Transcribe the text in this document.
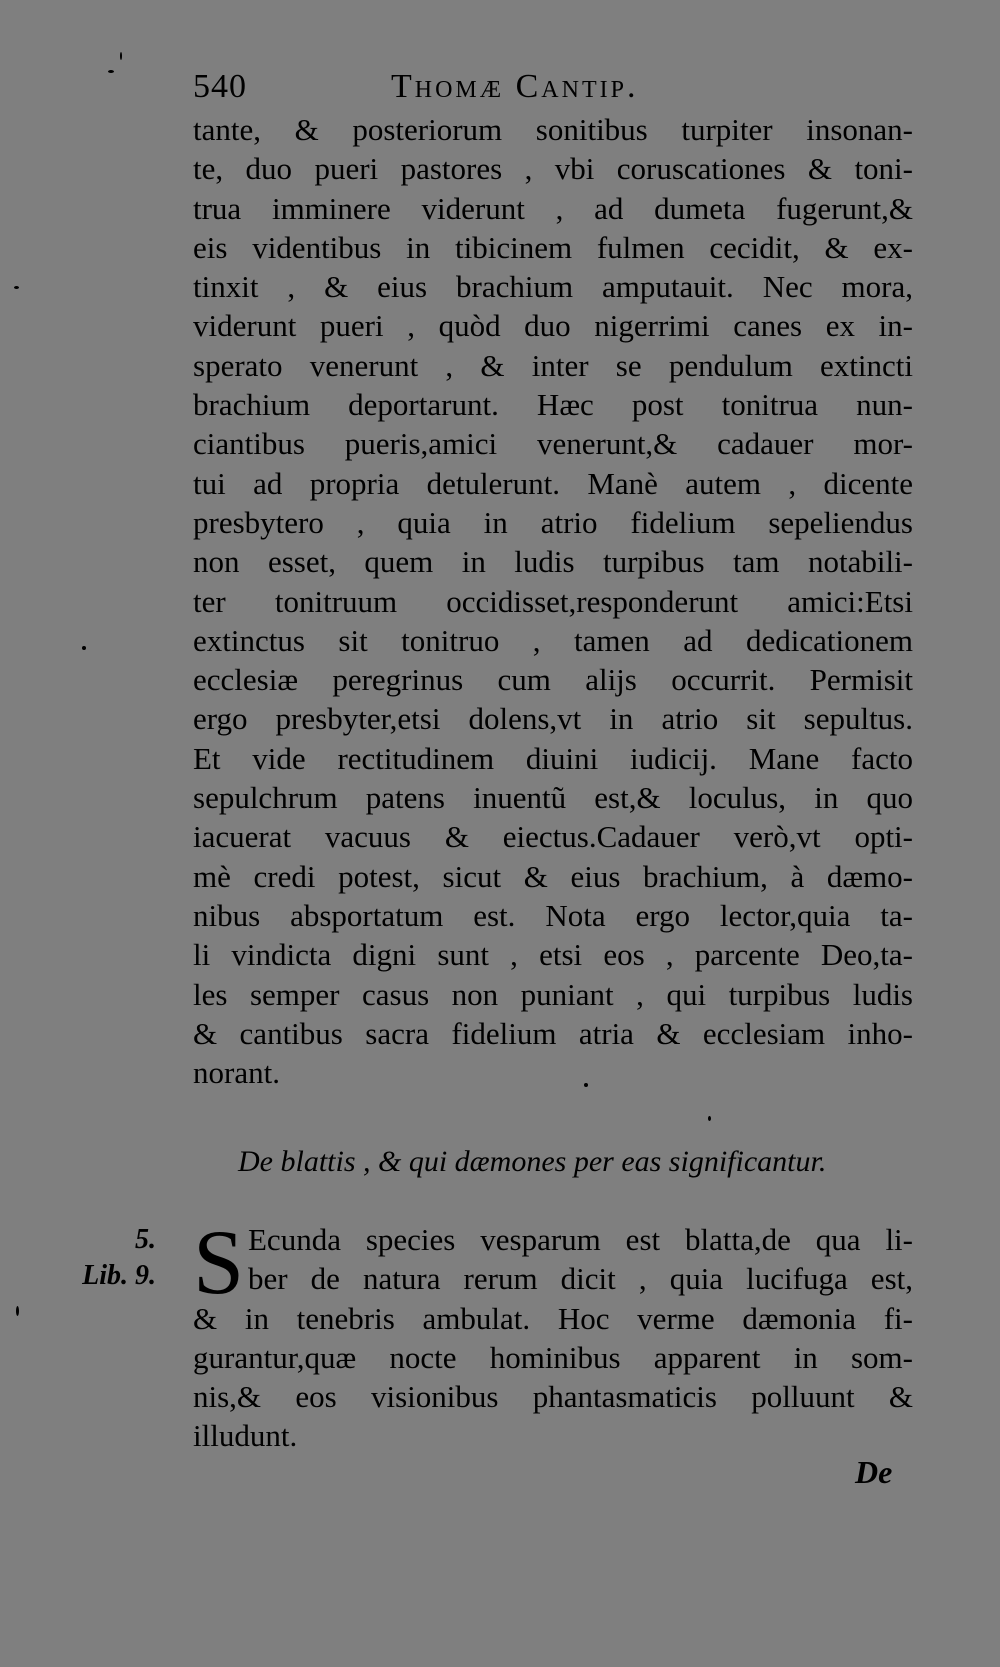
540	Thomæ Cantip.
tante, & posteriorum sonitibus turpiter insonan-
te, duo pueri pastores , vbi coruscationes & toni-
trua imminere viderunt , ad dumeta fugerunt,&
eis videntibus in tibicinem fulmen cecidit, & ex-
tinxit , & eius brachium amputauit. Nec mora,
viderunt pueri , quòd duo nigerrimi canes ex in-
sperato venerunt , & inter se pendulum extincti
brachium deportarunt. Hæc post tonitrua nun-
ciantibus pueris,amici venerunt,& cadauer mor-
tui ad propria detulerunt. Manè autem , dicente
presbytero , quia in atrio fidelium sepeliendus
non esset, quem in ludis turpibus tam notabili-
ter tonitruum occidisset,responderunt amici:Etsi
extinctus sit tonitruo , tamen ad dedicationem
ecclesiæ peregrinus cum alijs occurrit. Permisit
ergo presbyter,etsi dolens,vt in atrio sit sepultus.
Et vide rectitudinem diuini iudicij. Mane facto
sepulchrum patens inuentũ est,& loculus, in quo
iacuerat vacuus & eiectus.Cadauer verò,vt opti-
mè credi potest, sicut & eius brachium, à dæmo-
nibus absportatum est. Nota ergo lector,quia ta-
li vindicta digni sunt , etsi eos , parcente Deo,ta-
les semper casus non puniant , qui turpibus ludis
& cantibus sacra fidelium atria & ecclesiam inho-
norant.
De blattis , & qui dæmones per eas significantur.
5.
Lib. 9. S Ecunda species vesparum est blatta,de qua li-
ber de natura rerum dicit , quia lucifuga est,
& in tenebris ambulat. Hoc verme dæmonia fi-
gurantur,quæ nocte hominibus apparent in som-
nis,& eos visionibus phantasmaticis polluunt &
illudunt.
De
